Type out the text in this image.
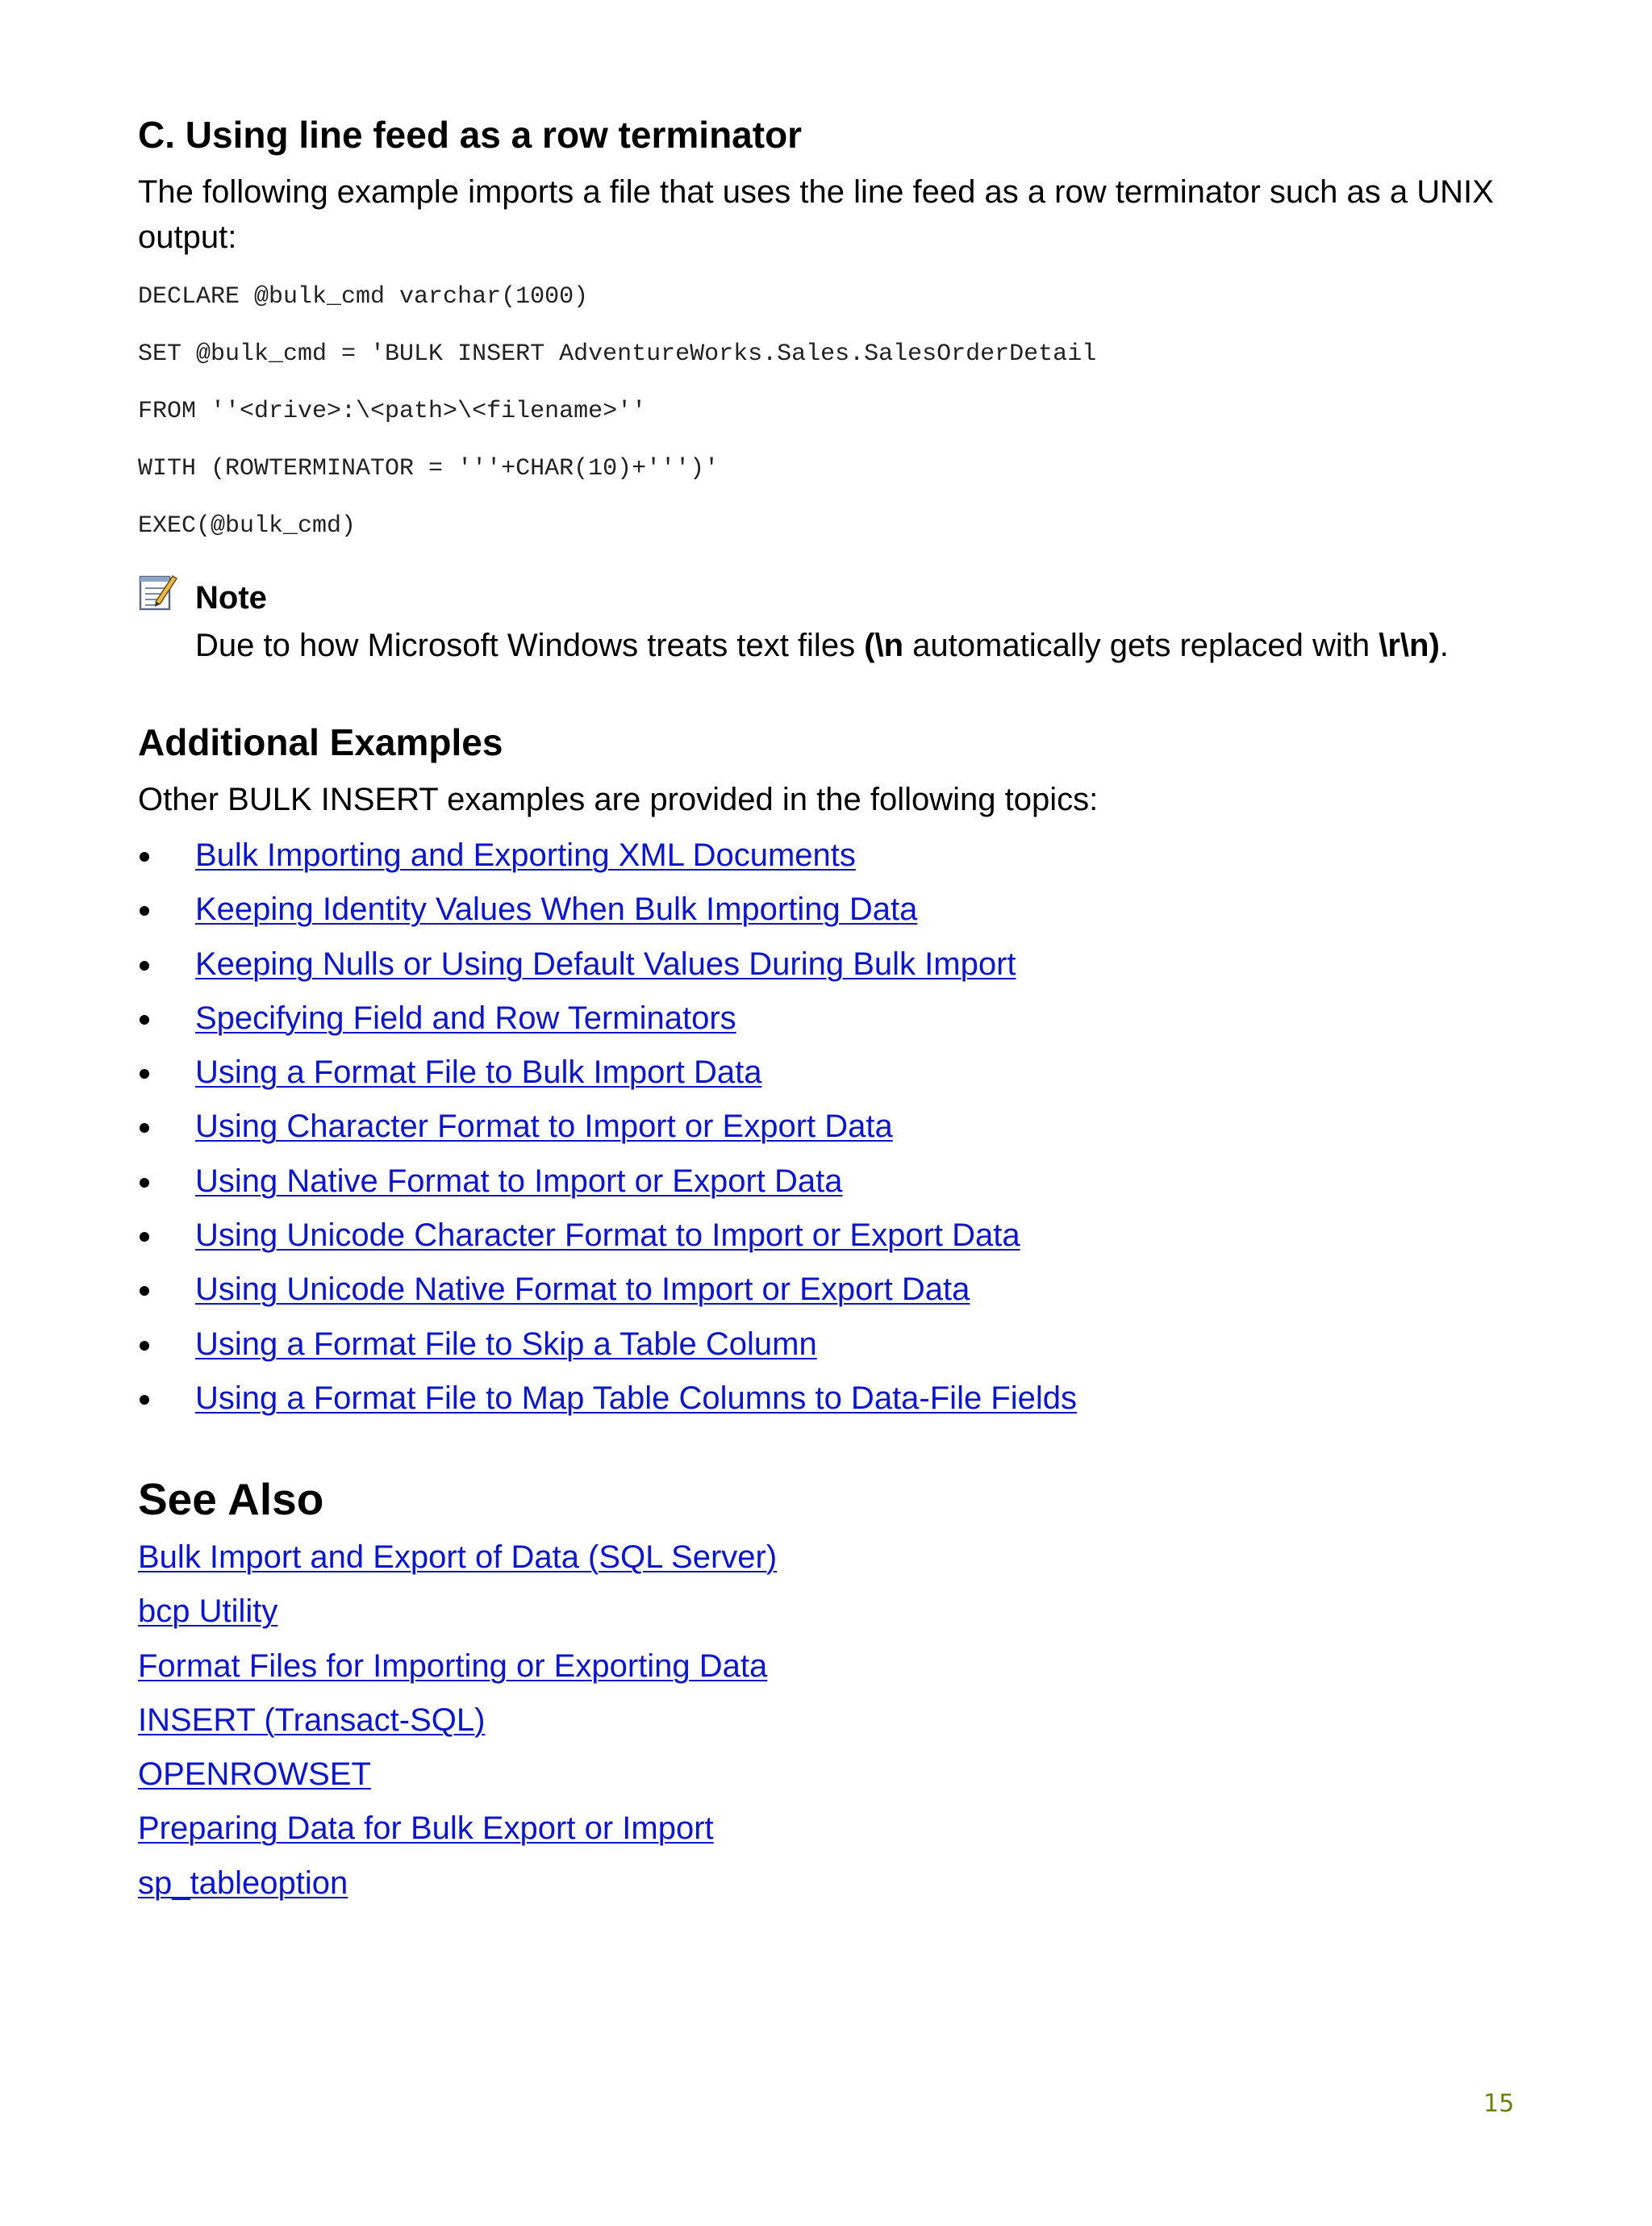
C. Using line feed as a row terminator

The following example imports a file that uses the line feed as a row terminator such as a UNIX output:

DECLARE @bulk_cmd varchar(1000)
SET @bulk_cmd = 'BULK INSERT AdventureWorks.Sales.SalesOrderDetail
FROM ''<drive>:\<path>\<filename>''
WITH (ROWTERMINATOR = '''+CHAR(10)+''')'
EXEC(@bulk_cmd)

Note

Due to how Microsoft Windows treats text files (\n automatically gets replaced with \r\n).

Additional Examples

Other BULK INSERT examples are provided in the following topics:

Bulk Importing and Exporting XML Documents
Keeping Identity Values When Bulk Importing Data
Keeping Nulls or Using Default Values During Bulk Import
Specifying Field and Row Terminators
Using a Format File to Bulk Import Data
Using Character Format to Import or Export Data
Using Native Format to Import or Export Data
Using Unicode Character Format to Import or Export Data
Using Unicode Native Format to Import or Export Data
Using a Format File to Skip a Table Column
Using a Format File to Map Table Columns to Data-File Fields
See Also
Bulk Import and Export of Data (SQL Server)
bcp Utility
Format Files for Importing or Exporting Data
INSERT (Transact-SQL)
OPENROWSET
Preparing Data for Bulk Export or Import
sp_tableoption
15
